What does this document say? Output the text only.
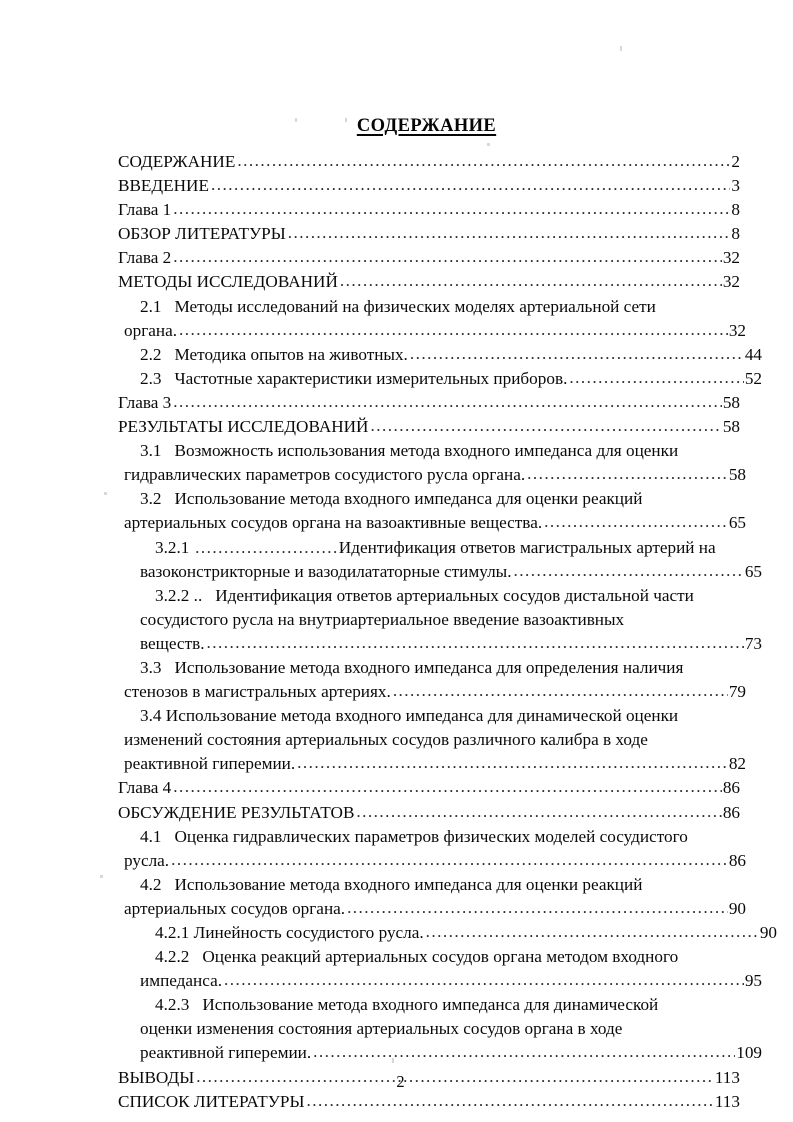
СОДЕРЖАНИЕ
СОДЕРЖАНИЕ .....	2
ВВЕДЕНИЕ .....	3
Глава 1 .....	8
ОБЗОР ЛИТЕРАТУРЫ .....	8
Глава 2 .....	32
МЕТОДЫ ИССЛЕДОВАНИЙ .....	32
2.1 Методы исследований на физических моделях артериальной сети
органа. .....	32
2.2 Методика опытов на животных. .....	44
2.3 Частотные характеристики измерительных приборов. .....	52
Глава 3 .....	58
РЕЗУЛЬТАТЫ ИССЛЕДОВАНИЙ .....	58
3.1 Возможность использования метода входного импеданса для оценки
гидравлических параметров сосудистого русла органа. .....	58
3.2 Использование метода входного импеданса для оценки реакций
артериальных сосудов органа на вазоактивные вещества. .....	65
3.2.1 .........................Идентификация ответов магистральных артерий на
вазоконстрикторные и вазодилататорные стимулы. .....	65
3.2.2 .. Идентификация ответов артериальных сосудов дистальной части
сосудистого русла на внутриартериальное введение вазоактивных
веществ. .....	73
3.3 Использование метода входного импеданса для определения наличия
стенозов в магистральных артериях. .....	79
3.4 Использование метода входного импеданса для динамической оценки
изменений состояния артериальных сосудов различного калибра в ходе
реактивной гиперемии. .....	82
Глава 4 .....	86
ОБСУЖДЕНИЕ РЕЗУЛЬТАТОВ .....	86
4.1 Оценка гидравлических параметров физических моделей сосудистого
русла. .....	86
4.2 Использование метода входного импеданса для оценки реакций
артериальных сосудов органа. .....	90
4.2.1 Линейность сосудистого русла. .....	90
4.2.2 Оценка реакций артериальных сосудов органа методом входного
импеданса. .....	95
4.2.3 Использование метода входного импеданса для динамической
оценки изменения состояния артериальных сосудов органа в ходе
реактивной гиперемии. .....	109
ВЫВОДЫ .....	113
СПИСОК ЛИТЕРАТУРЫ .....	113
2
